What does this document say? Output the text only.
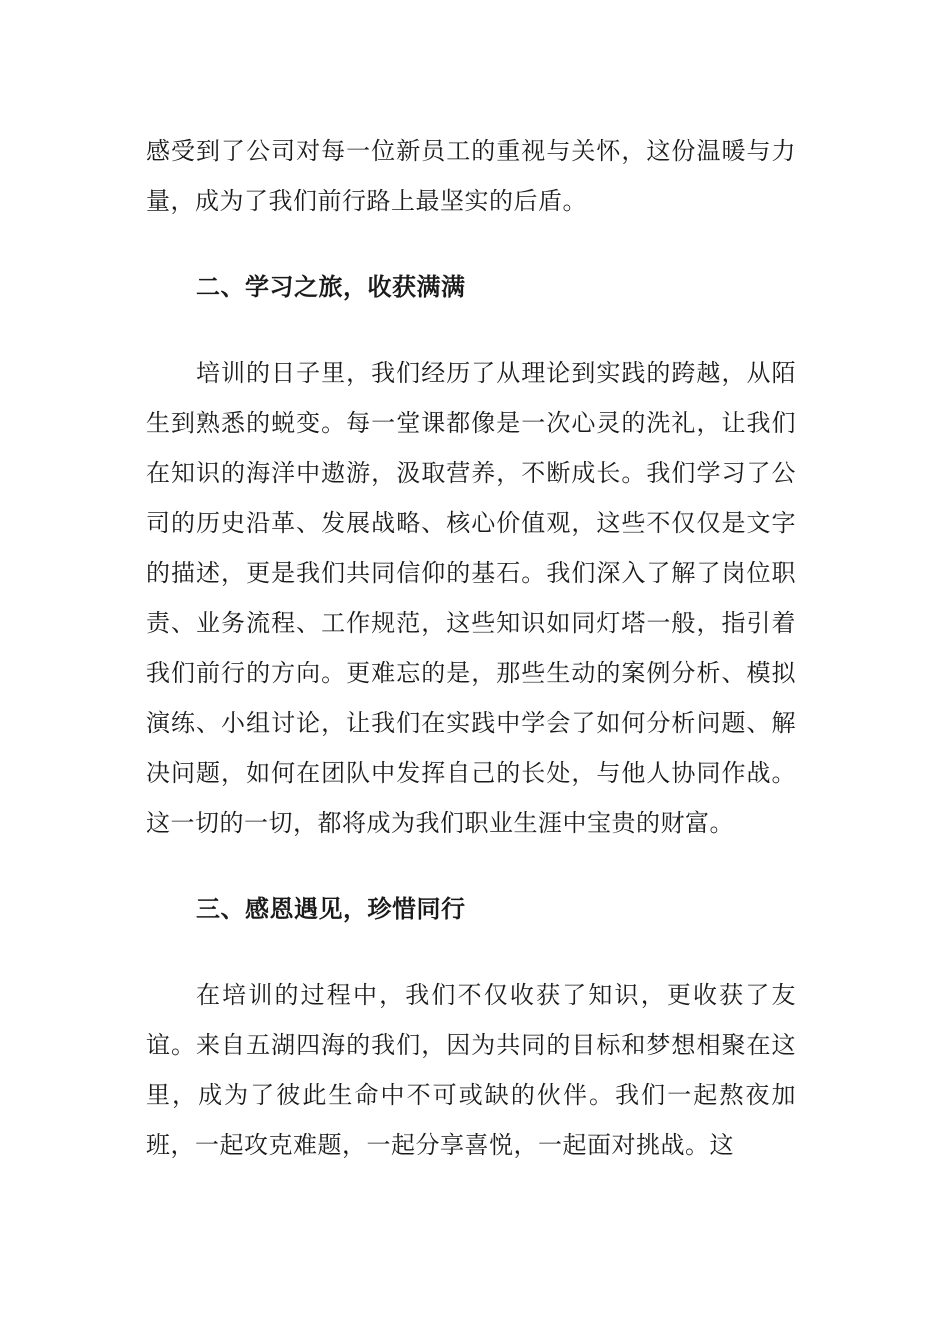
感受到了公司对每一位新员工的重视与关怀，这份温暖与力量，成为了我们前行路上最坚实的后盾。

二、学习之旅，收获满满

培训的日子里，我们经历了从理论到实践的跨越，从陌生到熟悉的蜕变。每一堂课都像是一次心灵的洗礼，让我们在知识的海洋中遨游，汲取营养，不断成长。我们学习了公司的历史沿革、发展战略、核心价值观，这些不仅仅是文字的描述，更是我们共同信仰的基石。我们深入了解了岗位职责、业务流程、工作规范，这些知识如同灯塔一般，指引着我们前行的方向。更难忘的是，那些生动的案例分析、模拟演练、小组讨论，让我们在实践中学会了如何分析问题、解决问题，如何在团队中发挥自己的长处，与他人协同作战。这一切的一切，都将成为我们职业生涯中宝贵的财富。

三、感恩遇见，珍惜同行

在培训的过程中，我们不仅收获了知识，更收获了友谊。来自五湖四海的我们，因为共同的目标和梦想相聚在这里，成为了彼此生命中不可或缺的伙伴。我们一起熬夜加班，一起攻克难题，一起分享喜悦，一起面对挑战。这
